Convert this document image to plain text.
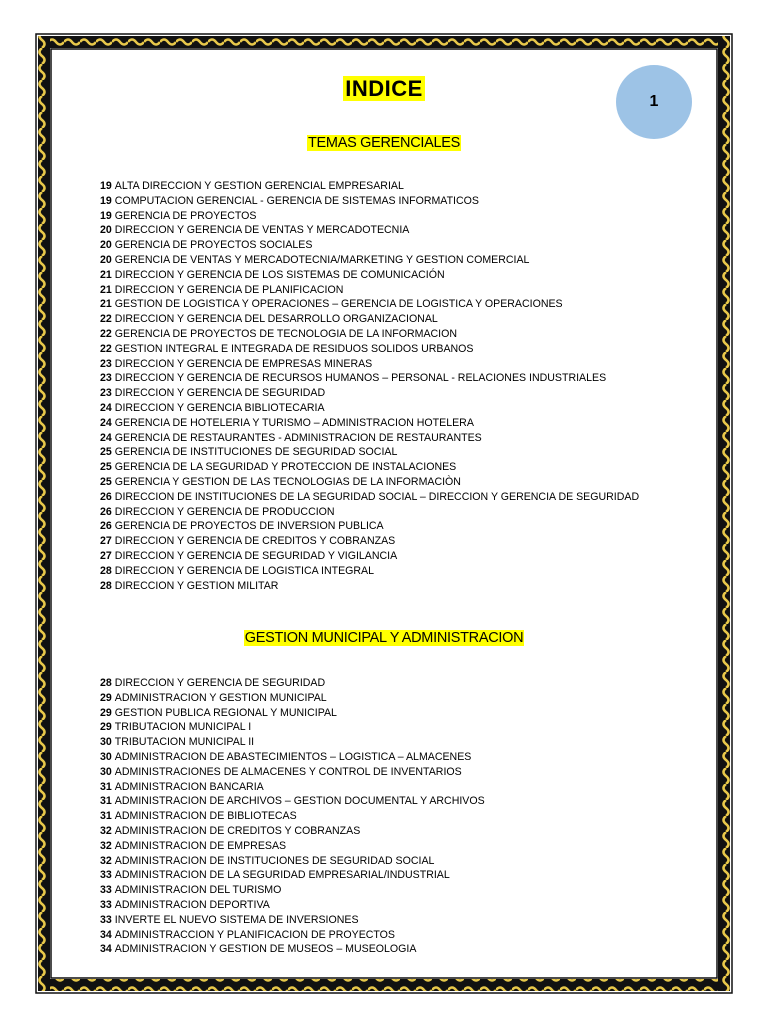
INDICE
1
TEMAS GERENCIALES
19 ALTA DIRECCION Y GESTION GERENCIAL EMPRESARIAL
19 COMPUTACION GERENCIAL - GERENCIA DE SISTEMAS INFORMATICOS
19 GERENCIA DE PROYECTOS
20 DIRECCION Y GERENCIA DE VENTAS Y MERCADOTECNIA
20 GERENCIA DE PROYECTOS SOCIALES
20 GERENCIA DE VENTAS Y MERCADOTECNIA/MARKETING Y GESTION COMERCIAL
21 DIRECCION Y GERENCIA DE LOS SISTEMAS DE COMUNICACIÓN
21 DIRECCION Y GERENCIA DE PLANIFICACION
21 GESTION DE LOGISTICA Y OPERACIONES – GERENCIA DE LOGISTICA Y OPERACIONES
22 DIRECCION Y GERENCIA DEL DESARROLLO ORGANIZACIONAL
22 GERENCIA DE PROYECTOS DE TECNOLOGIA DE LA INFORMACION
22 GESTION INTEGRAL E INTEGRADA DE RESIDUOS SOLIDOS URBANOS
23 DIRECCION Y GERENCIA DE EMPRESAS MINERAS
23 DIRECCION Y GERENCIA DE RECURSOS HUMANOS – PERSONAL - RELACIONES INDUSTRIALES
23 DIRECCION Y GERENCIA DE SEGURIDAD
24 DIRECCION Y GERENCIA BIBLIOTECARIA
24 GERENCIA DE HOTELERIA Y TURISMO – ADMINISTRACION HOTELERA
24 GERENCIA DE RESTAURANTES - ADMINISTRACION DE RESTAURANTES
25 GERENCIA DE INSTITUCIONES DE SEGURIDAD SOCIAL
25 GERENCIA DE LA SEGURIDAD Y PROTECCION DE INSTALACIONES
25 GERENCIA Y GESTION DE LAS TECNOLOGIAS DE LA INFORMACIÒN
26 DIRECCION DE INSTITUCIONES DE LA SEGURIDAD SOCIAL – DIRECCION Y GERENCIA DE SEGURIDAD
26 DIRECCION Y GERENCIA DE PRODUCCION
26 GERENCIA DE PROYECTOS DE INVERSION PUBLICA
27 DIRECCION Y GERENCIA DE CREDITOS Y COBRANZAS
27 DIRECCION Y GERENCIA DE SEGURIDAD Y VIGILANCIA
28 DIRECCION Y GERENCIA DE LOGISTICA INTEGRAL
28 DIRECCION Y GESTION MILITAR
GESTION MUNICIPAL Y ADMINISTRACION
28 DIRECCION Y GERENCIA DE SEGURIDAD
29 ADMINISTRACION Y GESTION MUNICIPAL
29 GESTION PUBLICA REGIONAL Y MUNICIPAL
29 TRIBUTACION MUNICIPAL I
30 TRIBUTACION MUNICIPAL II
30 ADMINISTRACION DE ABASTECIMIENTOS – LOGISTICA – ALMACENES
30 ADMINISTRACIONES DE ALMACENES Y CONTROL DE INVENTARIOS
31 ADMINISTRACION BANCARIA
31 ADMINISTRACION DE ARCHIVOS – GESTION DOCUMENTAL Y ARCHIVOS
31 ADMINISTRACION DE BIBLIOTECAS
32 ADMINISTRACION DE CREDITOS Y COBRANZAS
32 ADMINISTRACION DE EMPRESAS
32 ADMINISTRACION DE INSTITUCIONES DE SEGURIDAD SOCIAL
33 ADMINISTRACION DE LA SEGURIDAD EMPRESARIAL/INDUSTRIAL
33 ADMINISTRACION DEL TURISMO
33 ADMINISTRACION DEPORTIVA
33 INVERTE EL NUEVO SISTEMA DE INVERSIONES
34 ADMINISTRACCION Y PLANIFICACION DE PROYECTOS
34 ADMINISTRACION Y GESTION DE MUSEOS – MUSEOLOGIA
